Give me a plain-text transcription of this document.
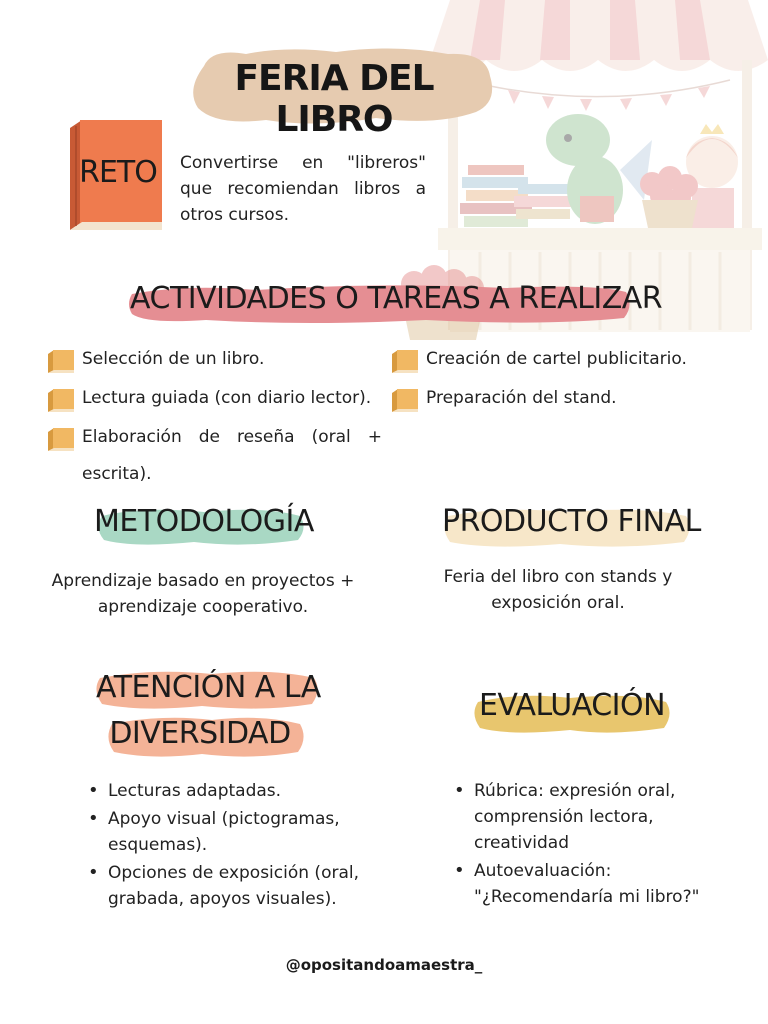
FERIA DEL LIBRO
RETO Convertirse en "libreros" que recomiendan libros a otros cursos.
ACTIVIDADES O TAREAS A REALIZAR
Selección de un libro.
Lectura guiada (con diario lector).
Elaboración de reseña (oral +
escrita).
Creación de cartel publicitario.
Preparación del stand.
METODOLOGÍA
Aprendizaje basado en proyectos + aprendizaje cooperativo.
PRODUCTO FINAL
Feria del libro con stands y exposición oral.
ATENCIÓN A LA
DIVERSIDAD
• Lecturas adaptadas.
• Apoyo visual (pictogramas, esquemas).
• Opciones de exposición (oral, grabada, apoyos visuales).
EVALUACIÓN
• Rúbrica: expresión oral, comprensión lectora, creatividad
• Autoevaluación: "¿Recomendaría mi libro?"
@opositandoamaestra_
